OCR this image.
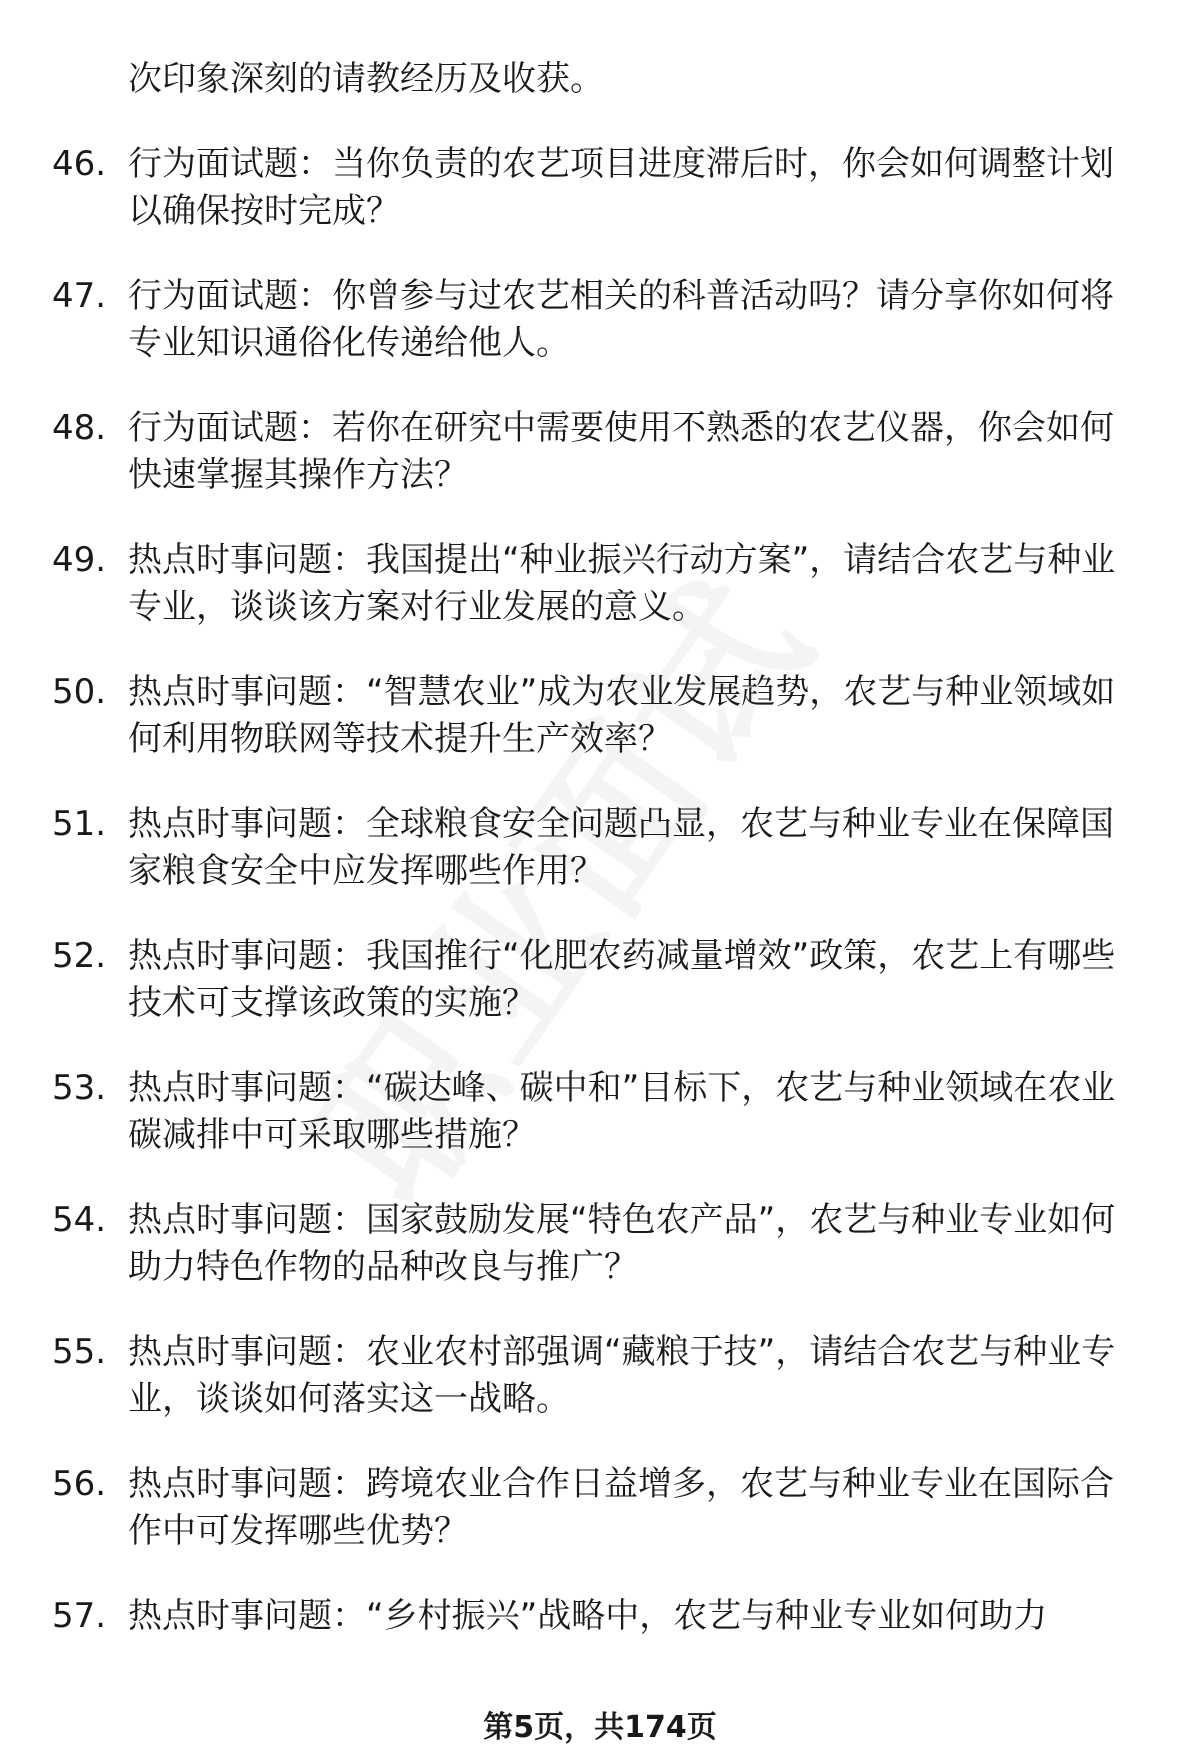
次印象深刻的请教经历及收获。
46. 行为面试题：当你负责的农艺项目进度滞后时，你会如何调整计划以确保按时完成？
47. 行为面试题：你曾参与过农艺相关的科普活动吗？请分享你如何将专业知识通俗化传递给他人。
48. 行为面试题：若你在研究中需要使用不熟悉的农艺仪器，你会如何快速掌握其操作方法？
49. 热点时事问题：我国提出“种业振兴行动方案”，请结合农艺与种业专业，谈谈该方案对行业发展的意义。
50. 热点时事问题：“智慧农业”成为农业发展趋势，农艺与种业领域如何利用物联网等技术提升生产效率？
51. 热点时事问题：全球粮食安全问题凸显，农艺与种业专业在保障国家粮食安全中应发挥哪些作用？
52. 热点时事问题：我国推行“化肥农药减量增效”政策，农艺上有哪些技术可支撑该政策的实施？
53. 热点时事问题：“碳达峰、碳中和”目标下，农艺与种业领域在农业碳减排中可采取哪些措施？
54. 热点时事问题：国家鼓励发展“特色农产品”，农艺与种业专业如何助力特色作物的品种改良与推广？
55. 热点时事问题：农业农村部强调“藏粮于技”，请结合农艺与种业专业，谈谈如何落实这一战略。
56. 热点时事问题：跨境农业合作日益增多，农艺与种业专业在国际合作中可发挥哪些优势？
57. 热点时事问题：“乡村振兴”战略中，农艺与种业专业如何助力
第5页，共174页
